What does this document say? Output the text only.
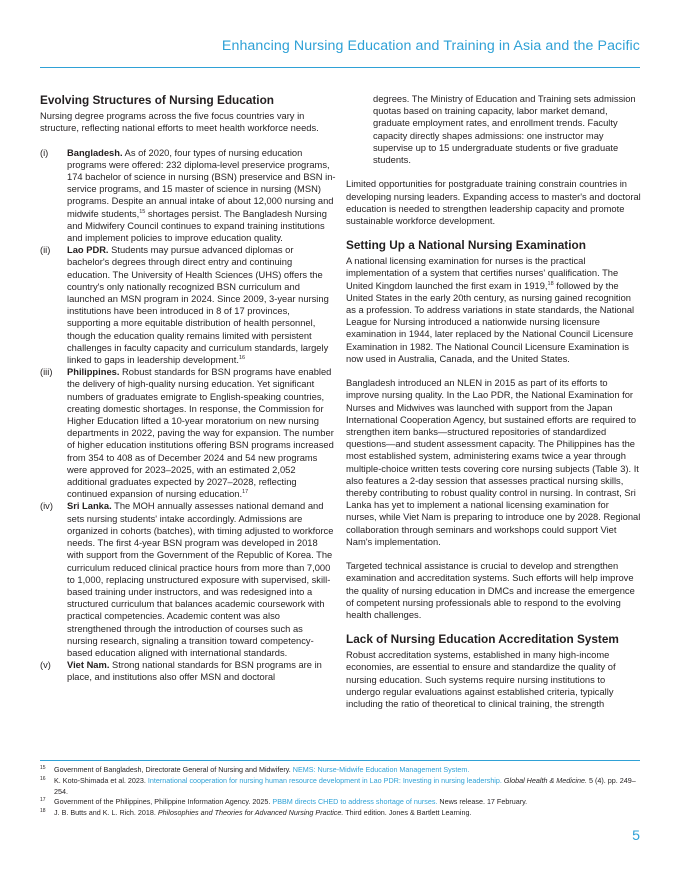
Enhancing Nursing Education and Training in Asia and the Pacific
Evolving Structures of Nursing Education

Nursing degree programs across the five focus countries vary in structure, reflecting national efforts to meet health workforce needs.

(i)	Bangladesh. As of 2020, four types of nursing education programs were offered: 232 diploma-level preservice programs, 174 bachelor of science in nursing (BSN) preservice and BSN in-service programs, and 15 master of science in nursing (MSN) programs. Despite an annual intake of about 12,000 nursing and midwife students,$^{15}$ shortages persist. The Bangladesh Nursing and Midwifery Council continues to expand training institutions and implement policies to improve education quality.
(ii)	Lao PDR. Students may pursue advanced diplomas or bachelor's degrees through direct entry and continuing education. The University of Health Sciences (UHS) offers the country's only nationally recognized BSN curriculum and launched an MSN program in 2024. Since 2009, 3-year nursing institutions have been introduced in 8 of 17 provinces, supporting a more equitable distribution of health personnel, though the education quality remains limited with persistent challenges in faculty capacity and curriculum standards, largely linked to gaps in leadership development.$^{16}$
(iii)	Philippines. Robust standards for BSN programs have enabled the delivery of high-quality nursing education. Yet significant numbers of graduates emigrate to English-speaking countries, creating domestic shortages. In response, the Commission for Higher Education lifted a 10-year moratorium on new nursing departments in 2022, paving the way for expansion. The number of higher education institutions offering BSN programs increased from 354 to 408 as of December 2024 and 54 new programs were approved for 2023–2025, with an estimated 2,052 additional graduates expected by 2027–2028, reflecting continued expansion of nursing education.$^{17}$
(iv)	Sri Lanka. The MOH annually assesses national demand and sets nursing students' intake accordingly. Admissions are organized in cohorts (batches), with timing adjusted to workforce needs. The first 4-year BSN program was developed in 2018 with support from the Government of the Republic of Korea. The curriculum reduced clinical practice hours from more than 7,000 to 1,000, replacing unstructured exposure with supervised, skill-based training under instructors, and was redesigned into a structured curriculum that balances academic coursework with practical competencies. Academic content was also strengthened through the introduction of courses such as nursing research, signaling a transition toward competency-based education aligned with international standards.
(v)	Viet Nam. Strong national standards for BSN programs are in place, and institutions also offer MSN and doctoral

degrees. The Ministry of Education and Training sets admission quotas based on training capacity, labor market demand, graduate employment rates, and enrollment trends. Faculty capacity directly shapes admissions: one instructor may supervise up to 15 undergraduate students or five graduate students.

Limited opportunities for postgraduate training constrain countries in developing nursing leaders. Expanding access to master's and doctoral education is needed to strengthen leadership capacity and promote sustainable workforce development.

Setting Up a National Nursing Examination

A national licensing examination for nurses is the practical implementation of a system that certifies nurses' qualification. The United Kingdom launched the first exam in 1919,18 followed by the United States in the early 20th century, as nursing gained recognition as a profession. To address variations in state standards, the National League for Nursing introduced a nationwide nursing licensure examination in 1944, later replaced by the National Council Licensure Examination in 1982. The National Council Licensure Examination is now used in Australia, Canada, and the United States.

Bangladesh introduced an NLEN in 2015 as part of its efforts to improve nursing quality. In the Lao PDR, the National Examination for Nurses and Midwives was launched with support from the Japan International Cooperation Agency, but sustained efforts are required to strengthen item banks—structured repositories of standardized questions—and student assessment capacity. The Philippines has the most established system, administering exams twice a year through multiple-choice written tests covering core nursing subjects (Table 3). It also features a 2-day session that assesses practical nursing skills, thereby contributing to robust quality control in nursing. In contrast, Sri Lanka has yet to implement a national licensing examination for nurses, while Viet Nam is preparing to introduce one by 2028. Regional collaboration through seminars and workshops could support Viet Nam's implementation.

Targeted technical assistance is crucial to develop and strengthen examination and accreditation systems. Such efforts will help improve the quality of nursing education in DMCs and increase the emergence of competent nursing professionals able to respond to the evolving health challenges.

Lack of Nursing Education Accreditation System

Robust accreditation systems, established in many high-income economies, are essential to ensure and standardize the quality of nursing education. Such systems require nursing institutions to undergo regular evaluations against established criteria, typically including the ratio of theoretical to clinical training, the strength

15	Government of Bangladesh, Directorate General of Nursing and Midwifery. NEMS: Nurse-Midwife Education Management System.
16	K. Koto-Shimada et al. 2023. International cooperation for nursing human resource development in Lao PDR: Investing in nursing leadership. Global Health & Medicine. 5 (4). pp. 249–254.
17	Government of the Philippines, Philippine Information Agency. 2025. PBBM directs CHED to address shortage of nurses. News release. 17 February.
18	J. B. Butts and K. L. Rich. 2018. Philosophies and Theories for Advanced Nursing Practice. Third edition. Jones & Bartlett Learning.
5
